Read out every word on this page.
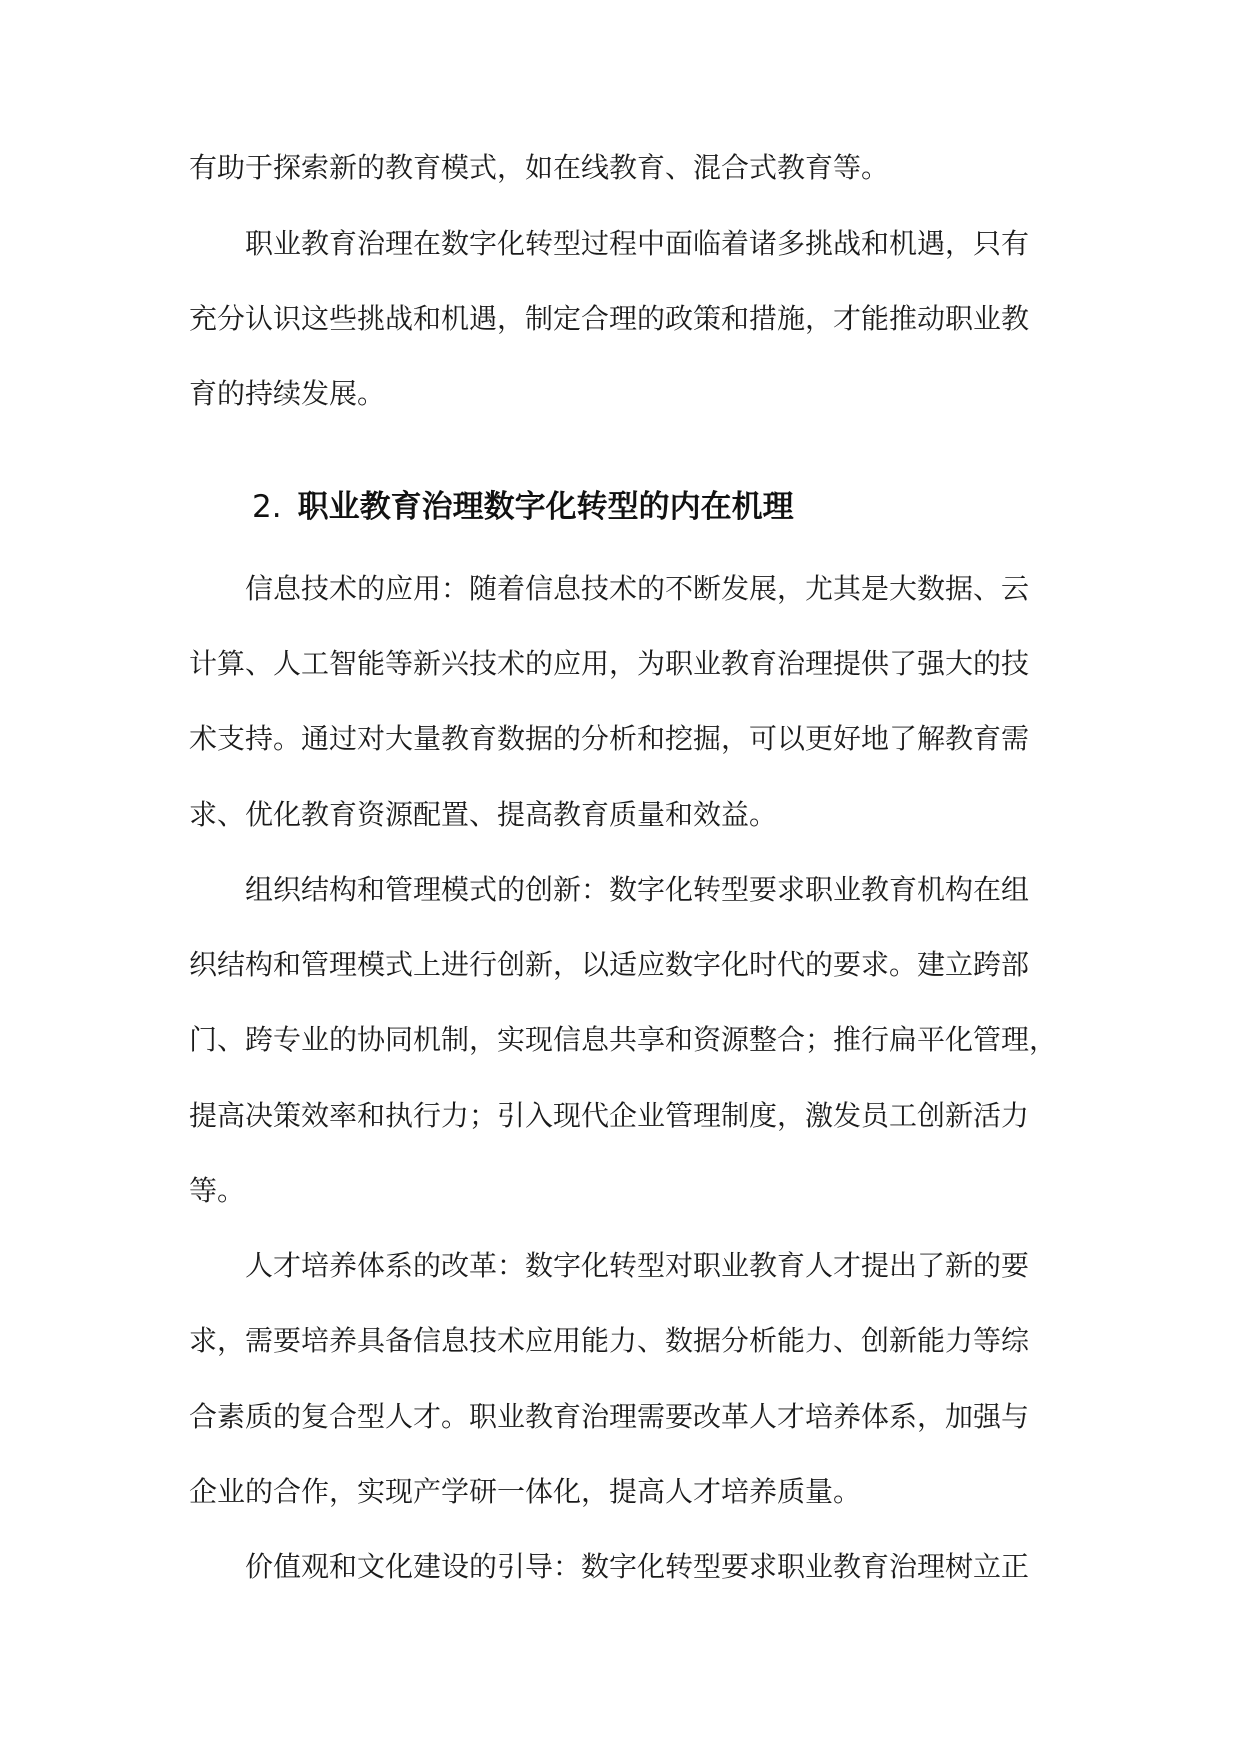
有助于探索新的教育模式，如在线教育、混合式教育等。

职业教育治理在数字化转型过程中面临着诸多挑战和机遇，只有

充分认识这些挑战和机遇，制定合理的政策和措施，才能推动职业教

育的持续发展。

2. 职业教育治理数字化转型的内在机理

信息技术的应用：随着信息技术的不断发展，尤其是大数据、云

计算、人工智能等新兴技术的应用，为职业教育治理提供了强大的技

术支持。通过对大量教育数据的分析和挖掘，可以更好地了解教育需

求、优化教育资源配置、提高教育质量和效益。

组织结构和管理模式的创新：数字化转型要求职业教育机构在组

织结构和管理模式上进行创新，以适应数字化时代的要求。建立跨部

门、跨专业的协同机制，实现信息共享和资源整合；推行扁平化管理，

提高决策效率和执行力；引入现代企业管理制度，激发员工创新活力

等。

人才培养体系的改革：数字化转型对职业教育人才提出了新的要

求，需要培养具备信息技术应用能力、数据分析能力、创新能力等综

合素质的复合型人才。职业教育治理需要改革人才培养体系，加强与

企业的合作，实现产学研一体化，提高人才培养质量。

价值观和文化建设的引导：数字化转型要求职业教育治理树立正
